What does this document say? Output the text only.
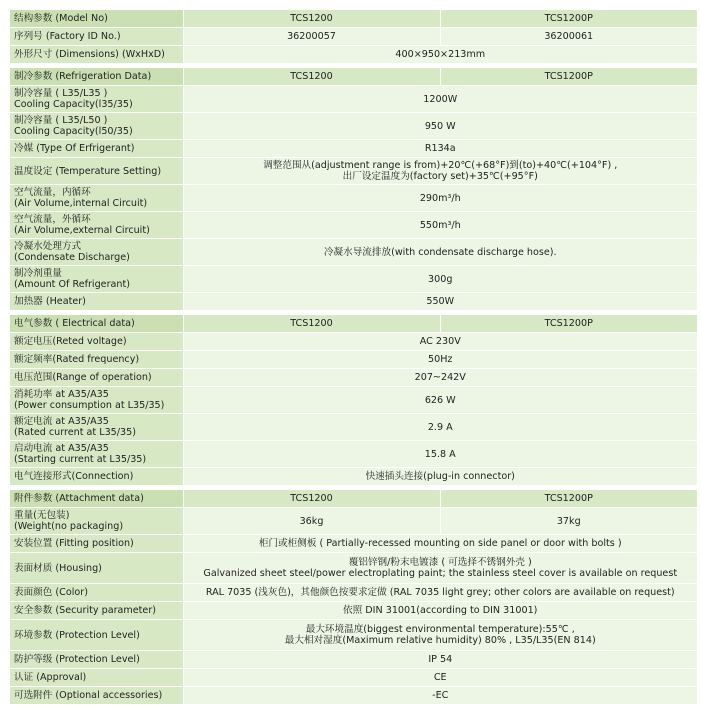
结构参数 (Model No)	TCS1200	TCS1200P
序列号 (Factory ID No.)	36200057	36200061
外形尺寸 (Dimensions) (WxHxD)	400×950×213mm	

制冷参数 (Refrigeration Data)	TCS1200	TCS1200P

制冷容量 ( L35/L35 )
Cooling Capacity(l35/35)	1200W	

制冷容量 ( L35/L50 )
Cooling Capacity(l50/35)	950 W	
冷媒 (Type Of Erfrigerant)	R134a	
温度设定 (Temperature Setting)	调整范围从(adjustment range is from)+20℃(+68°F)到(to)+40℃(+104°F) ,
出厂设定温度为(factory set)+35℃(+95°F)	

空气流量，内循环
(Air Volume,internal Circuit)	290m³/h	

空气流量，外循环
(Air Volume,external Circuit)	550m³/h	

冷凝水处理方式
(Condensate Discharge)	冷凝水导流排放(with condensate discharge hose).	

制冷剂重量
(Amount Of Refrigerant)	300g	
加热器 (Heater)	550W	

电气参数 ( Electrical data)	TCS1200	TCS1200P
额定电压(Reted voltage)	AC 230V	
额定频率(Rated frequency)	50Hz	
电压范围(Range of operation)	207~242V	

消耗功率 at A35/A35
(Power consumption at L35/35)	626 W	

额定电流 at A35/A35
(Rated current at L35/35)	2.9 A	

启动电流 at A35/A35
(Starting current at L35/35)	15.8 A	
电气连接形式(Connection)	快速插头连接(plug-in connector)	

附件参数 (Attachment data)	TCS1200	TCS1200P

重量(无包装)
(Weight(no packaging)	36kg	37kg
安装位置 (Fitting position)	柜门或柜侧板 ( Partially-recessed mounting on side panel or door with bolts )	
表面材质 (Housing)	覆铝锌钢/粉末电镀漆 ( 可选择不锈钢外壳 )
Galvanized sheet steel/power electroplating paint; the stainless steel cover is available on request	

表面颜色 (Color)	RAL 7035 (浅灰色)，其他颜色按要求定做 (RAL 7035 light grey; other colors are available on request)	
安全参数 (Security parameter)	依照 DIN 31001(according to DIN 31001)	
环境参数 (Protection Level)	最大环境温度(biggest environmental temperature):55℃ ,
最大相对湿度(Maximum relative humidity) 80% , L35/L35(EN 814)	

防护等级 (Protection Level)	IP 54	
认证 (Approval)	CE	
可选附件 (Optional accessories)	-EC	
